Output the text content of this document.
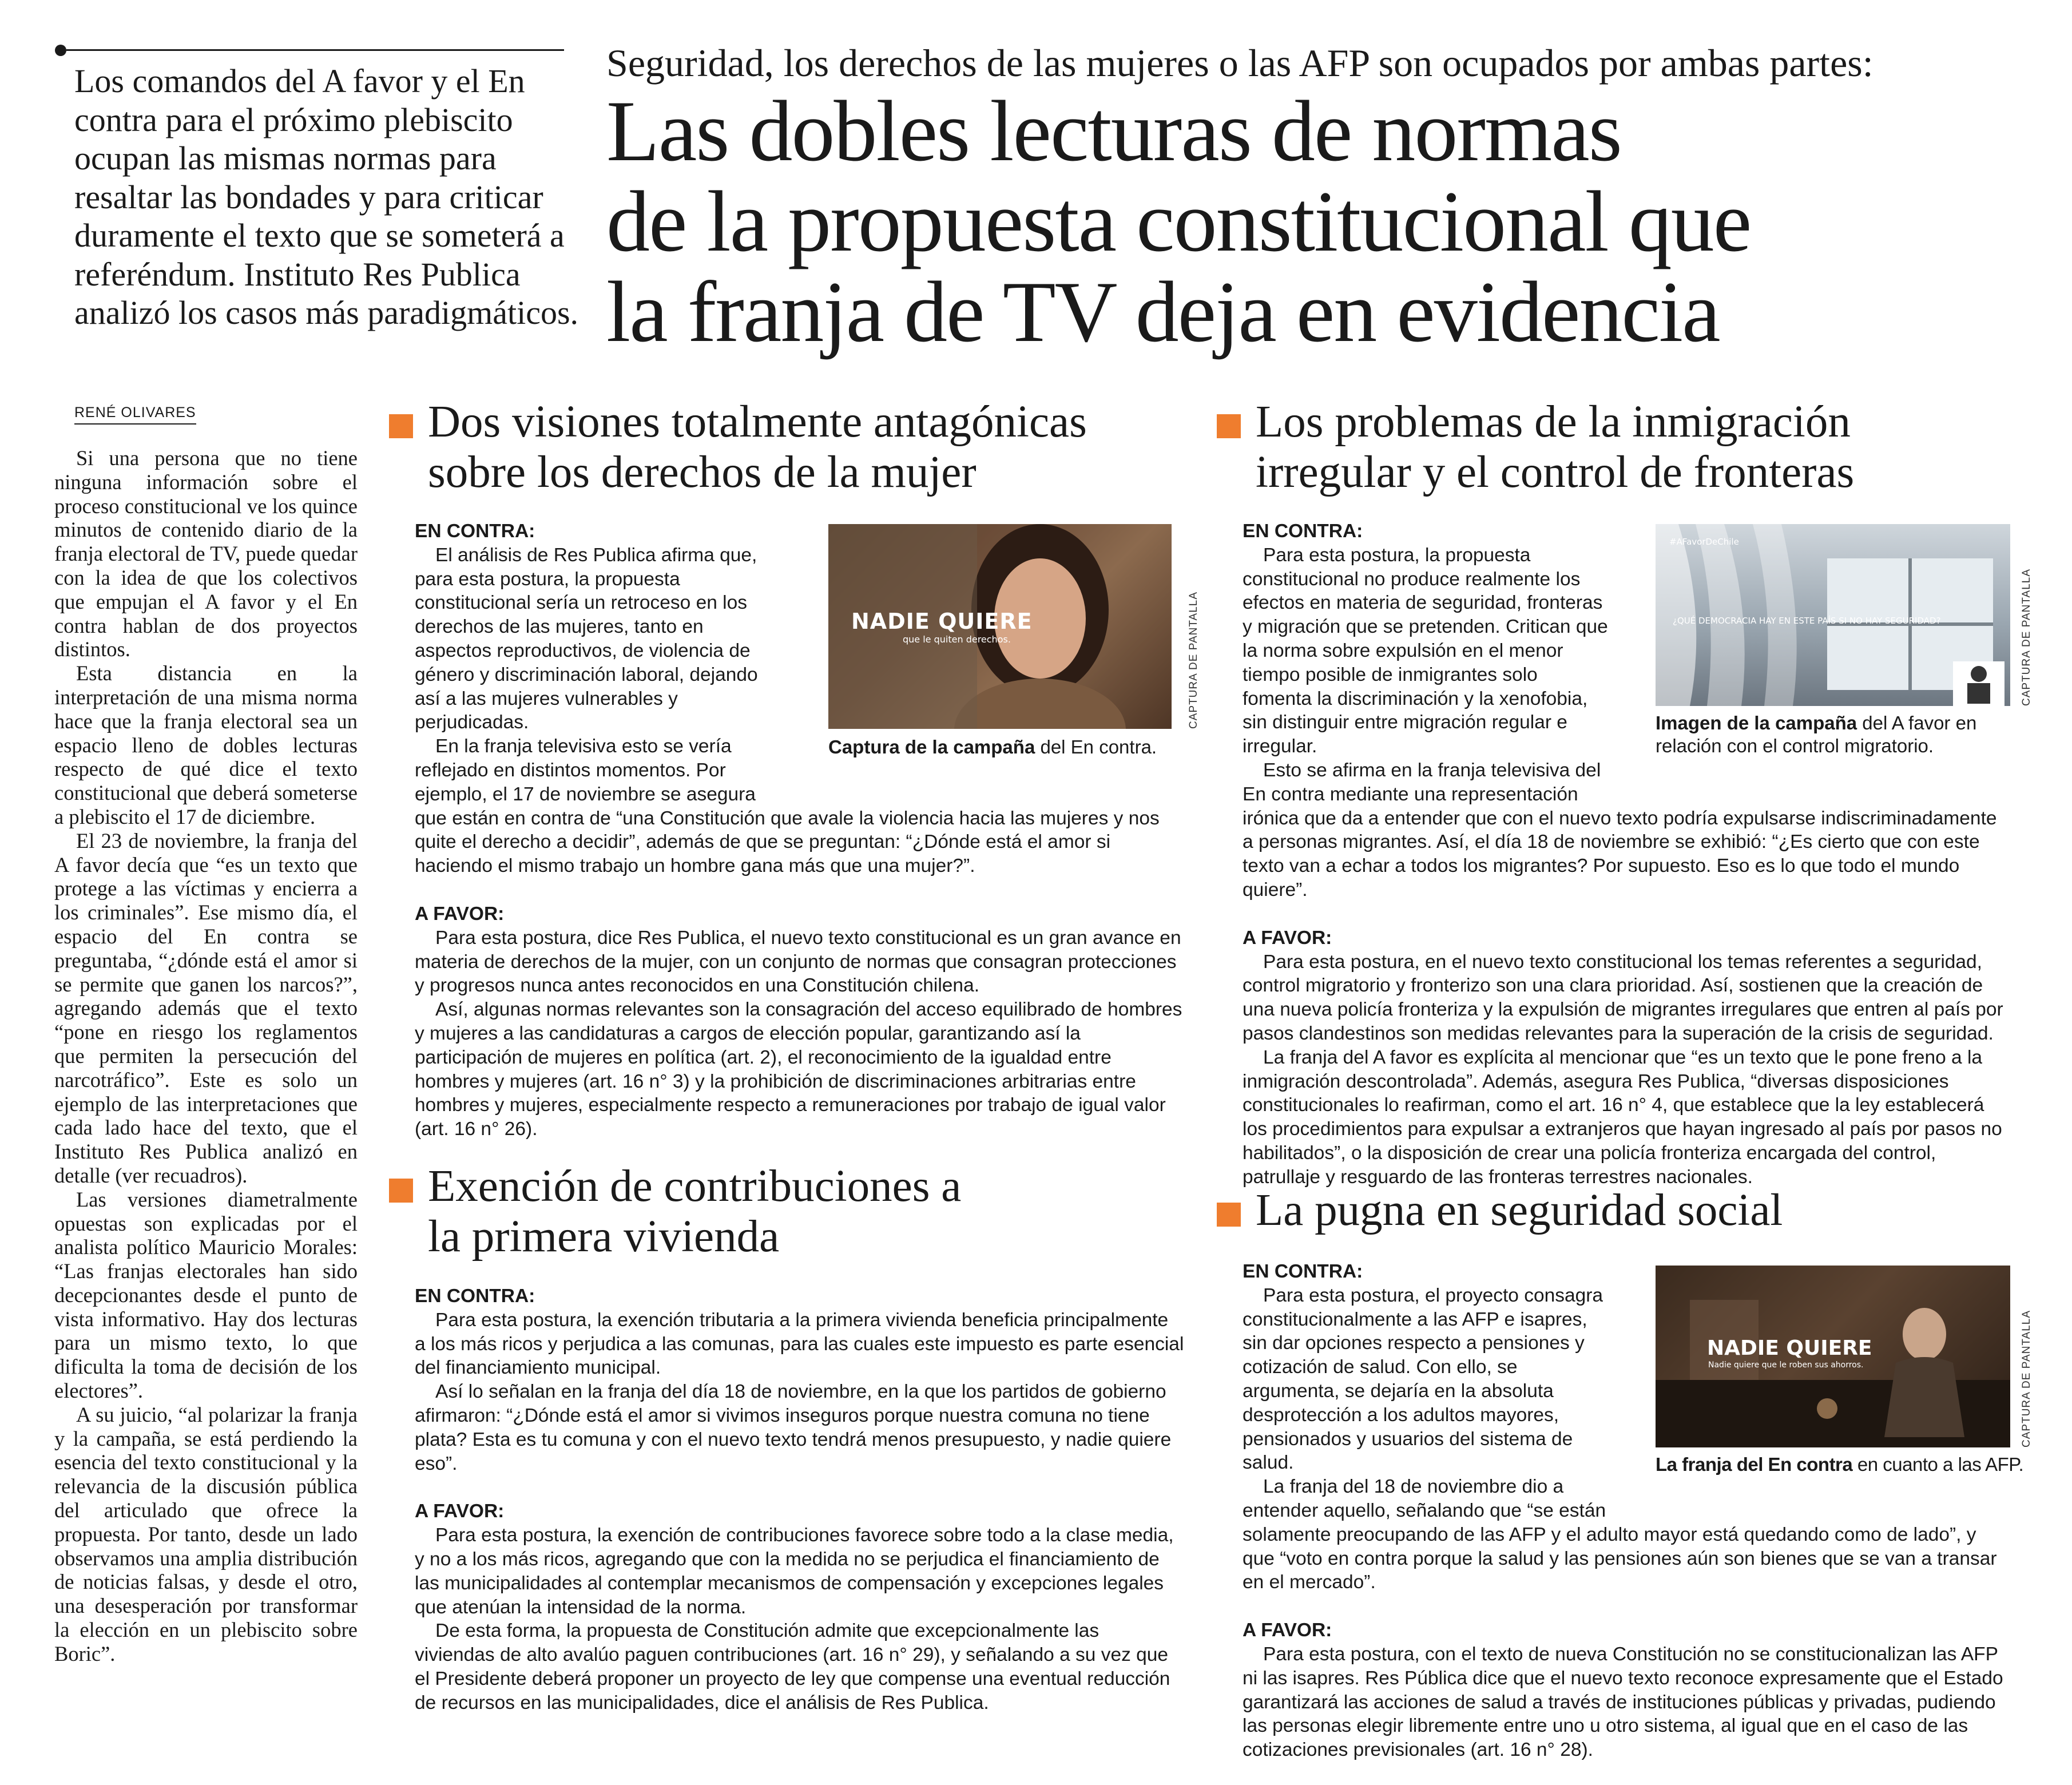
Los comandos del A favor y el En contra para el próximo plebiscito ocupan las mismas normas para resaltar las bondades y para criticar duramente el texto que se someterá a referéndum. Instituto Res Publica analizó los casos más paradigmáticos.
Seguridad, los derechos de las mujeres o las AFP son ocupados por ambas partes:
Las dobles lecturas de normas
de la propuesta constitucional que
la franja de TV deja en evidencia
RENÉ OLIVARES

Si una persona que no tiene ninguna información sobre el proceso constitucional ve los quince minutos de contenido diario de la franja electoral de TV, puede quedar con la idea de que los colectivos que empujan el A favor y el En contra hablan de dos proyectos distintos.

Esta distancia en la interpretación de una misma norma hace que la franja electoral sea un espacio lleno de dobles lecturas respecto de qué dice el texto constitucional que deberá someterse a plebiscito el 17 de diciembre.

El 23 de noviembre, la franja del A favor decía que “es un texto que protege a las víctimas y encierra a los criminales”. Ese mismo día, el espacio del En contra se preguntaba, “¿dónde está el amor si se permite que ganen los narcos?”, agregando además que el texto “pone en riesgo los reglamentos que permiten la persecución del narcotráfico”. Este es solo un ejemplo de las interpretaciones que cada lado hace del texto, que el Instituto Res Publica analizó en detalle (ver recuadros).

Las versiones diametralmente opuestas son explicadas por el analista político Mauricio Morales: “Las franjas electorales han sido decepcionantes desde el punto de vista informativo. Hay dos lecturas para un mismo texto, lo que dificulta la toma de decisión de los electores”.

A su juicio, “al polarizar la franja y la campaña, se está perdiendo la esencia del texto constitucional y la relevancia de la discusión pública del articulado que ofrece la propuesta. Por tanto, desde un lado observamos una amplia distribución de noticias falsas, y desde el otro, una desesperación por transformar la elección en un plebiscito sobre Boric”.

Dos visiones totalmente antagónicas
sobre los derechos de la mujer
NADIE QUIERE
que le quiten derechos.	CAPTURA DE PANTALLA
Captura de la campaña del En contra.

EN CONTRA:

El análisis de Res Publica afirma que, para esta postura, la propuesta constitucional sería un retroceso en los derechos de las mujeres, tanto en aspectos reproductivos, de violencia de género y discriminación laboral, dejando así a las mujeres vulnerables y perjudicadas.

En la franja televisiva esto se vería reflejado en distintos momentos. Por ejemplo, el 17 de noviembre se asegura que están en contra de “una Constitución que avale la violencia hacia las mujeres y nos quite el derecho a decidir”, además de que se preguntan: “¿Dónde está el amor si haciendo el mismo trabajo un hombre gana más que una mujer?”.

A FAVOR:

Para esta postura, dice Res Publica, el nuevo texto constitucional es un gran avance en materia de derechos de la mujer, con un conjunto de normas que consagran protecciones y progresos nunca antes reconocidos en una Constitución chilena.

Así, algunas normas relevantes son la consagración del acceso equilibrado de hombres y mujeres a las candidaturas a cargos de elección popular, garantizando así la participación de mujeres en política (art. 2), el reconocimiento de la igualdad entre hombres y mujeres (art. 16 n° 3) y la prohibición de discriminaciones arbitrarias entre hombres y mujeres, especialmente respecto a remuneraciones por trabajo de igual valor (art. 16 n° 26).

Exención de contribuciones a
la primera vivienda

EN CONTRA:

Para esta postura, la exención tributaria a la primera vivienda beneficia principalmente a los más ricos y perjudica a las comunas, para las cuales este impuesto es parte esencial del financiamiento municipal.

Así lo señalan en la franja del día 18 de noviembre, en la que los partidos de gobierno afirmaron: “¿Dónde está el amor si vivimos inseguros porque nuestra comuna no tiene plata? Esta es tu comuna y con el nuevo texto tendrá menos presupuesto, y nadie quiere eso”.

A FAVOR:

Para esta postura, la exención de contribuciones favorece sobre todo a la clase media, y no a los más ricos, agregando que con la medida no se perjudica el financiamiento de las municipalidades al contemplar mecanismos de compensación y excepciones legales que atenúan la intensidad de la norma.

De esta forma, la propuesta de Constitución admite que excepcionalmente las viviendas de alto avalúo paguen contribuciones (art. 16 n° 29), y señalando a su vez que el Presidente deberá proponer un proyecto de ley que compense una eventual reducción de recursos en las municipalidades, dice el análisis de Res Publica.

Los problemas de la inmigración
irregular y el control de fronteras
#AFavorDeChile
¿QUÉ DEMOCRACIA HAY EN ESTE PAÍS SI NO HAY SEGURIDAD?	CAPTURA DE PANTALLA
Imagen de la campaña del A favor en relación con el control migratorio.

EN CONTRA:

Para esta postura, la propuesta constitucional no produce realmente los efectos en materia de seguridad, fronteras y migración que se pretenden. Critican que la norma sobre expulsión en el menor tiempo posible de inmigrantes solo fomenta la discriminación y la xenofobia, sin distinguir entre migración regular e irregular.

Esto se afirma en la franja televisiva del En contra mediante una representación irónica que da a entender que con el nuevo texto podría expulsarse indiscriminadamente a personas migrantes. Así, el día 18 de noviembre se exhibió: “¿Es cierto que con este texto van a echar a todos los migrantes? Por supuesto. Eso es lo que todo el mundo quiere”.

A FAVOR:

Para esta postura, en el nuevo texto constitucional los temas referentes a seguridad, control migratorio y fronterizo son una clara prioridad. Así, sostienen que la creación de una nueva policía fronteriza y la expulsión de migrantes irregulares que entren al país por pasos clandestinos son medidas relevantes para la superación de la crisis de seguridad.

La franja del A favor es explícita al mencionar que “es un texto que le pone freno a la inmigración descontrolada”. Además, asegura Res Publica, “diversas disposiciones constitucionales lo reafirman, como el art. 16 n° 4, que establece que la ley establecerá los procedimientos para expulsar a extranjeros que hayan ingresado al país por pasos no habilitados”, o la disposición de crear una policía fronteriza encargada del control, patrullaje y resguardo de las fronteras terrestres nacionales.

La pugna en seguridad social
NADIE QUIERE
Nadie quiere que le roben sus ahorros.	CAPTURA DE PANTALLA
La franja del En contra en cuanto a las AFP.

EN CONTRA:

Para esta postura, el proyecto consagra constitucionalmente a las AFP e isapres, sin dar opciones respecto a pensiones y cotización de salud. Con ello, se argumenta, se dejaría en la absoluta desprotección a los adultos mayores, pensionados y usuarios del sistema de salud.

La franja del 18 de noviembre dio a entender aquello, señalando que “se están solamente preocupando de las AFP y el adulto mayor está quedando como de lado”, y que “voto en contra porque la salud y las pensiones aún son bienes que se van a transar en el mercado”.

A FAVOR:

Para esta postura, con el texto de nueva Constitución no se constitucionalizan las AFP ni las isapres. Res Pública dice que el nuevo texto reconoce expresamente que el Estado garantizará las acciones de salud a través de instituciones públicas y privadas, pudiendo las personas elegir libremente entre uno u otro sistema, al igual que en el caso de las cotizaciones previsionales (art. 16 n° 28).
